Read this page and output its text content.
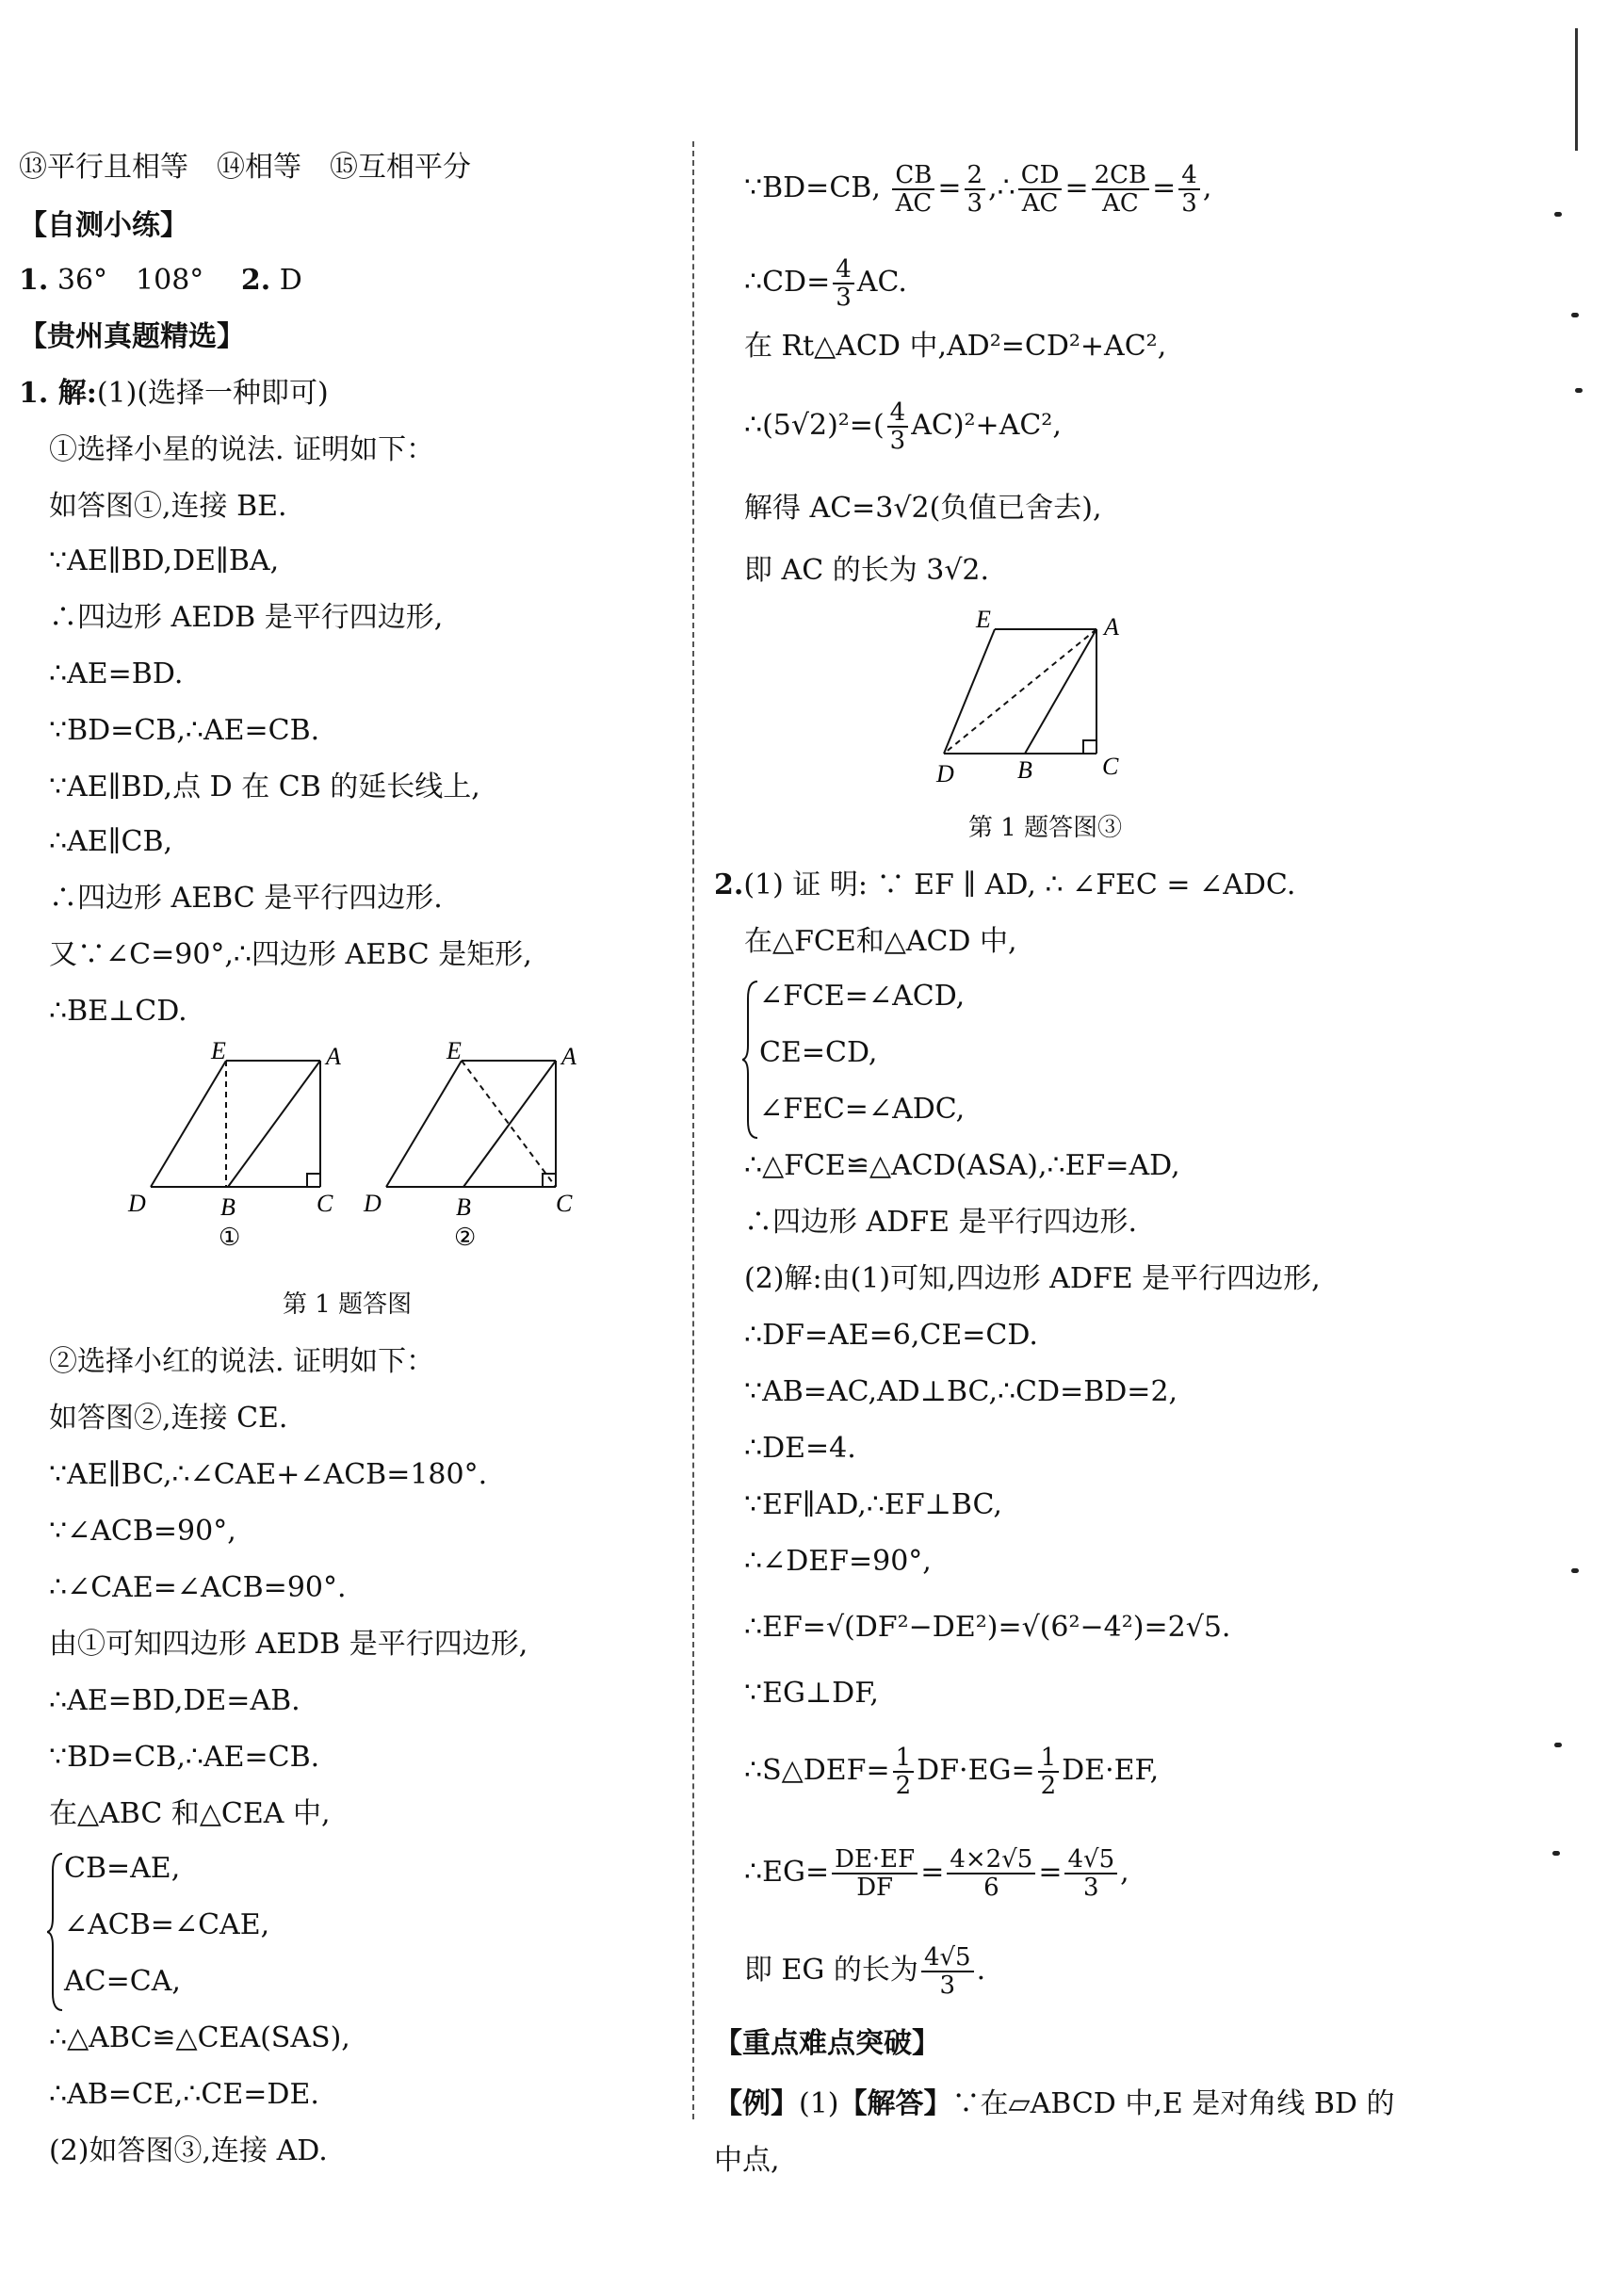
⑬平行且相等　⑭相等　⑮互相平分
【自测小练】
1. 36°　108°　 2. D
【贵州真题精选】
1. 解:(1)(选择一种即可)
①选择小星的说法. 证明如下：
如答图①,连接 BE.
∵AE∥BD,DE∥BA,
∴四边形 AEDB 是平行四边形,
∴AE=BD.
∵BD=CB,∴AE=CB.
∵AE∥BD,点 D 在 CB 的延长线上,
∴AE∥CB,
∴四边形 AEBC 是平行四边形.
又∵∠C=90°,∴四边形 AEBC 是矩形,
∴BE⊥CD.
E	A
D	B	C
①
E	A
D	B	C
②
第 1 题答图
②选择小红的说法. 证明如下：
如答图②,连接 CE.
∵AE∥BC,∴∠CAE+∠ACB=180°.
∵∠ACB=90°,
∴∠CAE=∠ACB=90°.
由①可知四边形 AEDB 是平行四边形,
∴AE=BD,DE=AB.
∵BD=CB,∴AE=CB.
在△ABC 和△CEA 中,
CB=AE,
∠ACB=∠CAE,
AC=CA,
∴△ABC≌△CEA(SAS),
∴AB=CE,∴CE=DE.
(2)如答图③,连接 AD.
∵BD=CB, $\frac{CB}{AC} = \frac{2}{3}$ ,∴ $\frac{CD}{AC} = \frac{2CB}{AC} = \frac{4}{3}$ ,
∴CD= $\frac{4}{3}$ AC.
在 Rt△ACD 中,AD²=CD²+AC²,
∴(5√2)²=( $\frac{4}{3} AC)^2+AC^2$,
解得 AC=3√2(负值已舍去),
即 AC 的长为 3√2.
E	A
D	B	C
第 1 题答图③
2.(1) 证 明: ∵ EF ∥ AD, ∴ ∠FEC = ∠ADC.
在△FCE和△ACD 中,
∠FCE=∠ACD,
CE=CD,
∠FEC=∠ADC,
∴△FCE≌△ACD(ASA),∴EF=AD,
∴四边形 ADFE 是平行四边形.
(2)解:由(1)可知,四边形 ADFE 是平行四边形,
∴DF=AE=6,CE=CD.
∵AB=AC,AD⊥BC,∴CD=BD=2,
∴DE=4.
∵EF∥AD,∴EF⊥BC,
∴∠DEF=90°,
∴EF=√(DF²−DE²)=√(6²−4²)=2√5.
∵EG⊥DF,
∴S△DEF= $\frac{1}{2} DF\cdot EG= \frac{1}{2} DE\cdot EF$,
∴EG= $\frac{DE\cdot EF}{DF} = \frac{4\times 2√5}{6} = \frac{4√5}{3}$ ,
即 EG 的长为 $\frac{4√5}{3}$ .
【重点难点突破】
【例】(1)【解答】∵在▱ABCD 中,E 是对角线 BD 的
中点,
